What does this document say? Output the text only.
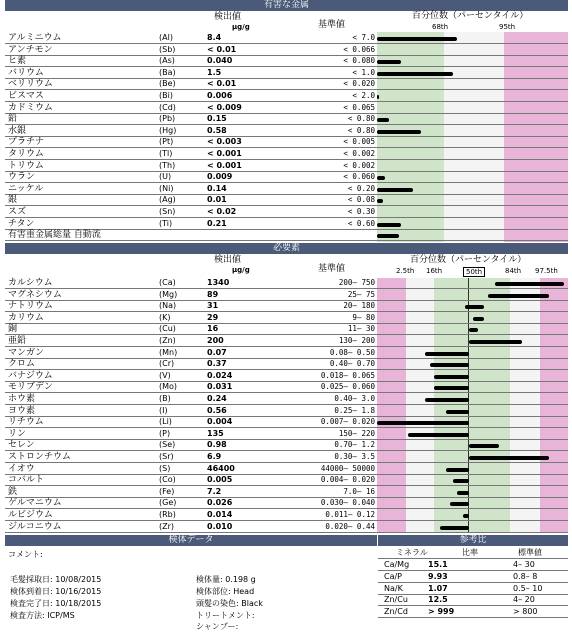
有害な金属
検出値
μg/g	基準値
百分位数（パーセンタイル）
68th	95th
アルミニウム	(Al)	8.4	< 7.0
アンチモン	(Sb)	< 0.01	< 0.066
ヒ素	(As)	0.040	< 0.080
バリウム	(Ba)	1.5	< 1.0
ベリリウム	(Be)	< 0.01	< 0.020
ビスマス	(Bi)	0.006	< 2.0
カドミウム	(Cd)	< 0.009	< 0.065
鉛	(Pb)	0.15	< 0.80
水銀	(Hg)	0.58	< 0.80
プラチナ	(Pt)	< 0.003	< 0.005
タリウム	(Tl)	< 0.001	< 0.002
トリウム	(Th)	< 0.001	< 0.002
ウラン	(U)	0.009	< 0.060
ニッケル	(Ni)	0.14	< 0.20
銀	(Ag)	0.01	< 0.08
スズ	(Sn)	< 0.02	< 0.30
チタン	(Ti)	0.21	< 0.60
有害重金属総量 自動流
必要素
検出値
μg/g	基準値
百分位数（パーセンタイル）
2.5th 16th	50th	84th 97.5th
カルシウム	(Ca)	1340	200– 750
マグネシウム	(Mg)	89	25– 75
ナトリウム	(Na)	31	20– 180
カリウム	(K)	29	9– 80
銅	(Cu)	16	11– 30
亜鉛	(Zn)	200	130– 200
マンガン	(Mn)	0.07	0.08– 0.50
クロム	(Cr)	0.37	0.40– 0.70
バナジウム	(V)	0.024	0.018– 0.065
モリブデン	(Mo)	0.031	0.025– 0.060
ホウ素	(B)	0.24	0.40– 3.0
ヨウ素	(I)	0.56	0.25– 1.8
リチウム	(Li)	0.004	0.007– 0.020
リン	(P)	135	150– 220
セレン	(Se)	0.98	0.70– 1.2
ストロンチウム	(Sr)	6.9	0.30– 3.5
イオウ	(S)	46400	44000– 50000
コバルト	(Co)	0.005	0.004– 0.020
鉄	(Fe)	7.2	7.0– 16
ゲルマニウム	(Ge)	0.026	0.030– 0.040
ルビジウム	(Rb)	0.014	0.011– 0.12
ジルコニウム	(Zr)	0.010	0.020– 0.44
検体データ
コメント:
毛髪採取日: 10/08/2015
検体到着日: 10/16/2015
検査完了日: 10/18/2015
検査方法: ICP/MS
検体量: 0.198 g
検体部位: Head
頭髪の染色: Black
トリートメント:
シャンプー:
参考比
ミネラル	比率	標準値
Ca/Mg 15.1	4– 30
Ca/P	9.93	0.8– 8
Na/K	1.07	0.5– 10
Zn/Cu	12.5	4– 20
Zn/Cd	> 999	> 800
